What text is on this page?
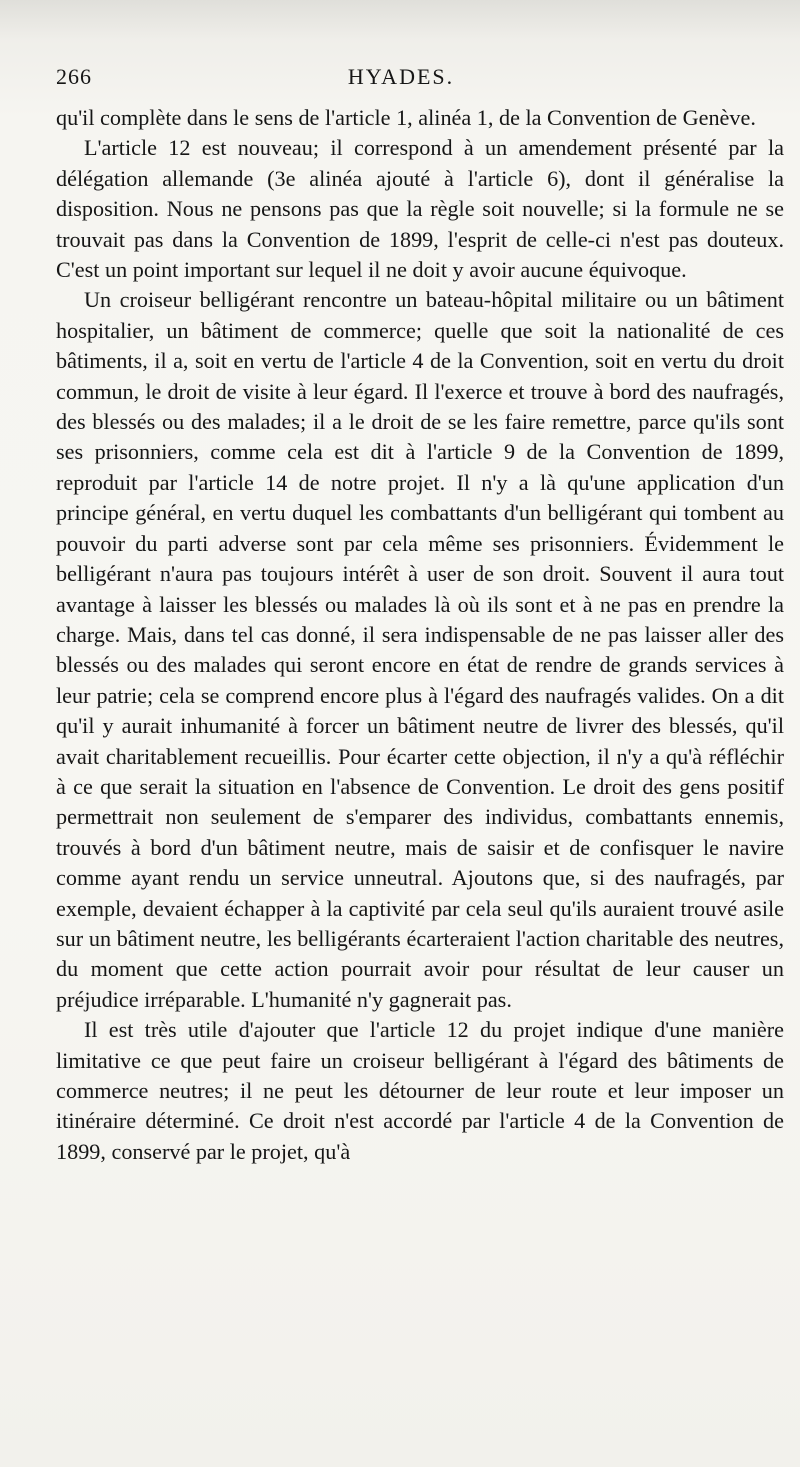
266	HYADES.

qu'il complète dans le sens de l'article 1, alinéa 1, de la Convention de Genève.

L'article 12 est nouveau; il correspond à un amendement présenté par la délégation allemande (3e alinéa ajouté à l'article 6), dont il généralise la disposition. Nous ne pensons pas que la règle soit nouvelle; si la formule ne se trouvait pas dans la Convention de 1899, l'esprit de celle-ci n'est pas douteux. C'est un point important sur lequel il ne doit y avoir aucune équivoque.

Un croiseur belligérant rencontre un bateau-hôpital militaire ou un bâtiment hospitalier, un bâtiment de commerce; quelle que soit la nationalité de ces bâtiments, il a, soit en vertu de l'article 4 de la Convention, soit en vertu du droit commun, le droit de visite à leur égard. Il l'exerce et trouve à bord des naufragés, des blessés ou des malades; il a le droit de se les faire remettre, parce qu'ils sont ses prisonniers, comme cela est dit à l'article 9 de la Convention de 1899, reproduit par l'article 14 de notre projet. Il n'y a là qu'une application d'un principe général, en vertu duquel les combattants d'un belligérant qui tombent au pouvoir du parti adverse sont par cela même ses prisonniers. Évidemment le belligérant n'aura pas toujours intérêt à user de son droit. Souvent il aura tout avantage à laisser les blessés ou malades là où ils sont et à ne pas en prendre la charge. Mais, dans tel cas donné, il sera indispensable de ne pas laisser aller des blessés ou des malades qui seront encore en état de rendre de grands services à leur patrie; cela se comprend encore plus à l'égard des naufragés valides. On a dit qu'il y aurait inhumanité à forcer un bâtiment neutre de livrer des blessés, qu'il avait charitablement recueillis. Pour écarter cette objection, il n'y a qu'à réfléchir à ce que serait la situation en l'absence de Convention. Le droit des gens positif permettrait non seulement de s'emparer des individus, combattants ennemis, trouvés à bord d'un bâtiment neutre, mais de saisir et de confisquer le navire comme ayant rendu un service unneutral. Ajoutons que, si des naufragés, par exemple, devaient échapper à la captivité par cela seul qu'ils auraient trouvé asile sur un bâtiment neutre, les belligérants écarteraient l'action charitable des neutres, du moment que cette action pourrait avoir pour résultat de leur causer un préjudice irréparable. L'humanité n'y gagnerait pas.

Il est très utile d'ajouter que l'article 12 du projet indique d'une manière limitative ce que peut faire un croiseur belligérant à l'égard des bâtiments de commerce neutres; il ne peut les détourner de leur route et leur imposer un itinéraire déterminé. Ce droit n'est accordé par l'article 4 de la Convention de 1899, conservé par le projet, qu'à
